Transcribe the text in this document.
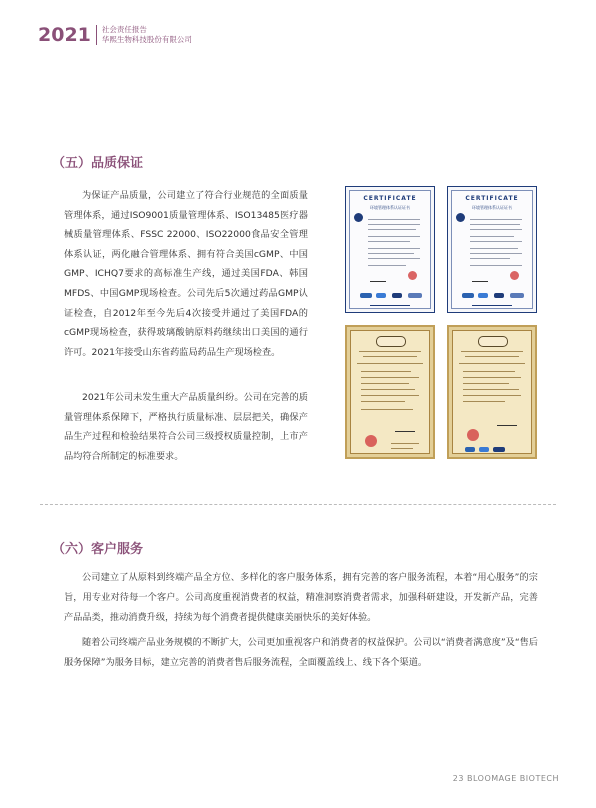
2021 社会责任报告
华熙生物科技股份有限公司
（五）品质保证

为保证产品质量，公司建立了符合行业规范的全面质量管理体系，通过ISO9001质量管理体系、ISO13485医疗器械质量管理体系、FSSC 22000、ISO22000食品安全管理体系认证，两化融合管理体系、拥有符合美国cGMP、中国GMP、ICHQ7要求的高标准生产线，通过美国FDA、韩国MFDS、中国GMP现场检查。公司先后5次通过药品GMP认证检查，自2012年至今先后4次接受并通过了美国FDA的cGMP现场检查，获得玻璃酸钠原料药继续出口美国的通行许可。2021年接受山东省药监局药品生产现场检查。

2021年公司未发生重大产品质量纠纷。公司在完善的质量管理体系保障下，严格执行质量标准、层层把关，确保产品生产过程和检验结果符合公司三级授权质量控制，上市产品均符合所制定的标准要求。

CERTIFICATE
环境管理体系认证证书
CERTIFICATE
环境管理体系认证证书
（六）客户服务

公司建立了从原料到终端产品全方位、多样化的客户服务体系，拥有完善的客户服务流程，本着“用心服务”的宗旨，用专业对待每一个客户。公司高度重视消费者的权益，精准洞察消费者需求，加强科研建设，开发新产品，完善产品品类，推动消费升级，持续为每个消费者提供健康美丽快乐的美好体验。

随着公司终端产品业务规模的不断扩大，公司更加重视客户和消费者的权益保护。公司以“消费者满意度”及“售后服务保障”为服务目标，建立完善的消费者售后服务流程，全面覆盖线上、线下各个渠道。

23 BLOOMAGE BIOTECH
